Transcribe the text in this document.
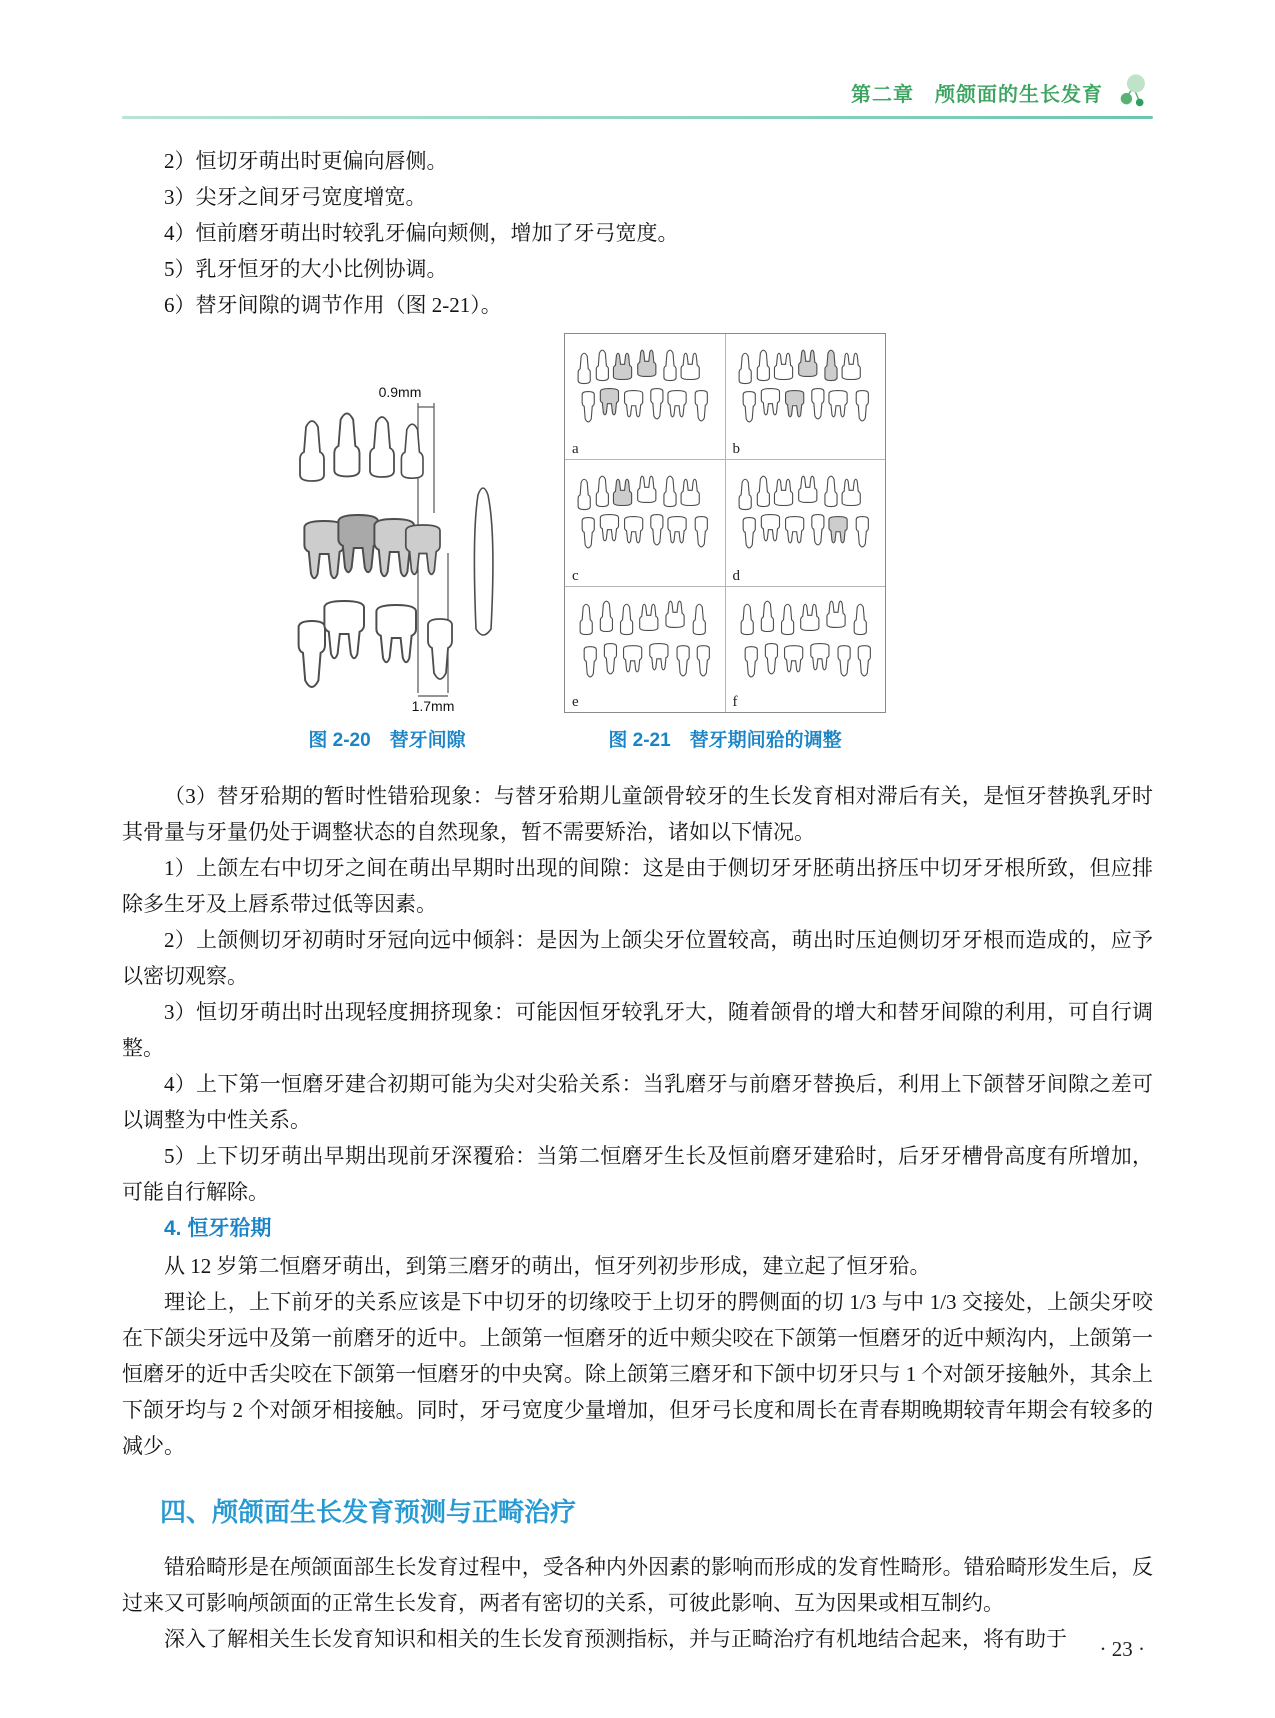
第二章　颅颌面的生长发育

2）恒切牙萌出时更偏向唇侧。

3）尖牙之间牙弓宽度增宽。

4）恒前磨牙萌出时较乳牙偏向颊侧，增加了牙弓宽度。

5）乳牙恒牙的大小比例协调。

6）替牙间隙的调节作用（图 2-21）。

0.9mm
1.7mm
图 2-20　替牙间隙
a	b
c	d
e	f
图 2-21　替牙期间𬌗的调整

（3）替牙𬌗期的暂时性错𬌗现象：与替牙𬌗期儿童颌骨较牙的生长发育相对滞后有关，是恒牙替换乳牙时其骨量与牙量仍处于调整状态的自然现象，暂不需要矫治，诸如以下情况。

1）上颌左右中切牙之间在萌出早期时出现的间隙：这是由于侧切牙牙胚萌出挤压中切牙牙根所致，但应排除多生牙及上唇系带过低等因素。

2）上颌侧切牙初萌时牙冠向远中倾斜：是因为上颌尖牙位置较高，萌出时压迫侧切牙牙根而造成的，应予以密切观察。

3）恒切牙萌出时出现轻度拥挤现象：可能因恒牙较乳牙大，随着颌骨的增大和替牙间隙的利用，可自行调整。

4）上下第一恒磨牙建合初期可能为尖对尖𬌗关系：当乳磨牙与前磨牙替换后，利用上下颌替牙间隙之差可以调整为中性关系。

5）上下切牙萌出早期出现前牙深覆𬌗：当第二恒磨牙生长及恒前磨牙建𬌗时，后牙牙槽骨高度有所增加，可能自行解除。

4. 恒牙𬌗期

从 12 岁第二恒磨牙萌出，到第三磨牙的萌出，恒牙列初步形成，建立起了恒牙𬌗。

理论上，上下前牙的关系应该是下中切牙的切缘咬于上切牙的腭侧面的切 1/3 与中 1/3 交接处，上颌尖牙咬在下颌尖牙远中及第一前磨牙的近中。上颌第一恒磨牙的近中颊尖咬在下颌第一恒磨牙的近中颊沟内，上颌第一恒磨牙的近中舌尖咬在下颌第一恒磨牙的中央窝。除上颌第三磨牙和下颌中切牙只与 1 个对颌牙接触外，其余上下颌牙均与 2 个对颌牙相接触。同时，牙弓宽度少量增加，但牙弓长度和周长在青春期晚期较青年期会有较多的减少。

四、颅颌面生长发育预测与正畸治疗

错𬌗畸形是在颅颌面部生长发育过程中，受各种内外因素的影响而形成的发育性畸形。错𬌗畸形发生后，反过来又可影响颅颌面的正常生长发育，两者有密切的关系，可彼此影响、互为因果或相互制约。

深入了解相关生长发育知识和相关的生长发育预测指标，并与正畸治疗有机地结合起来，将有助于	· 23 ·
